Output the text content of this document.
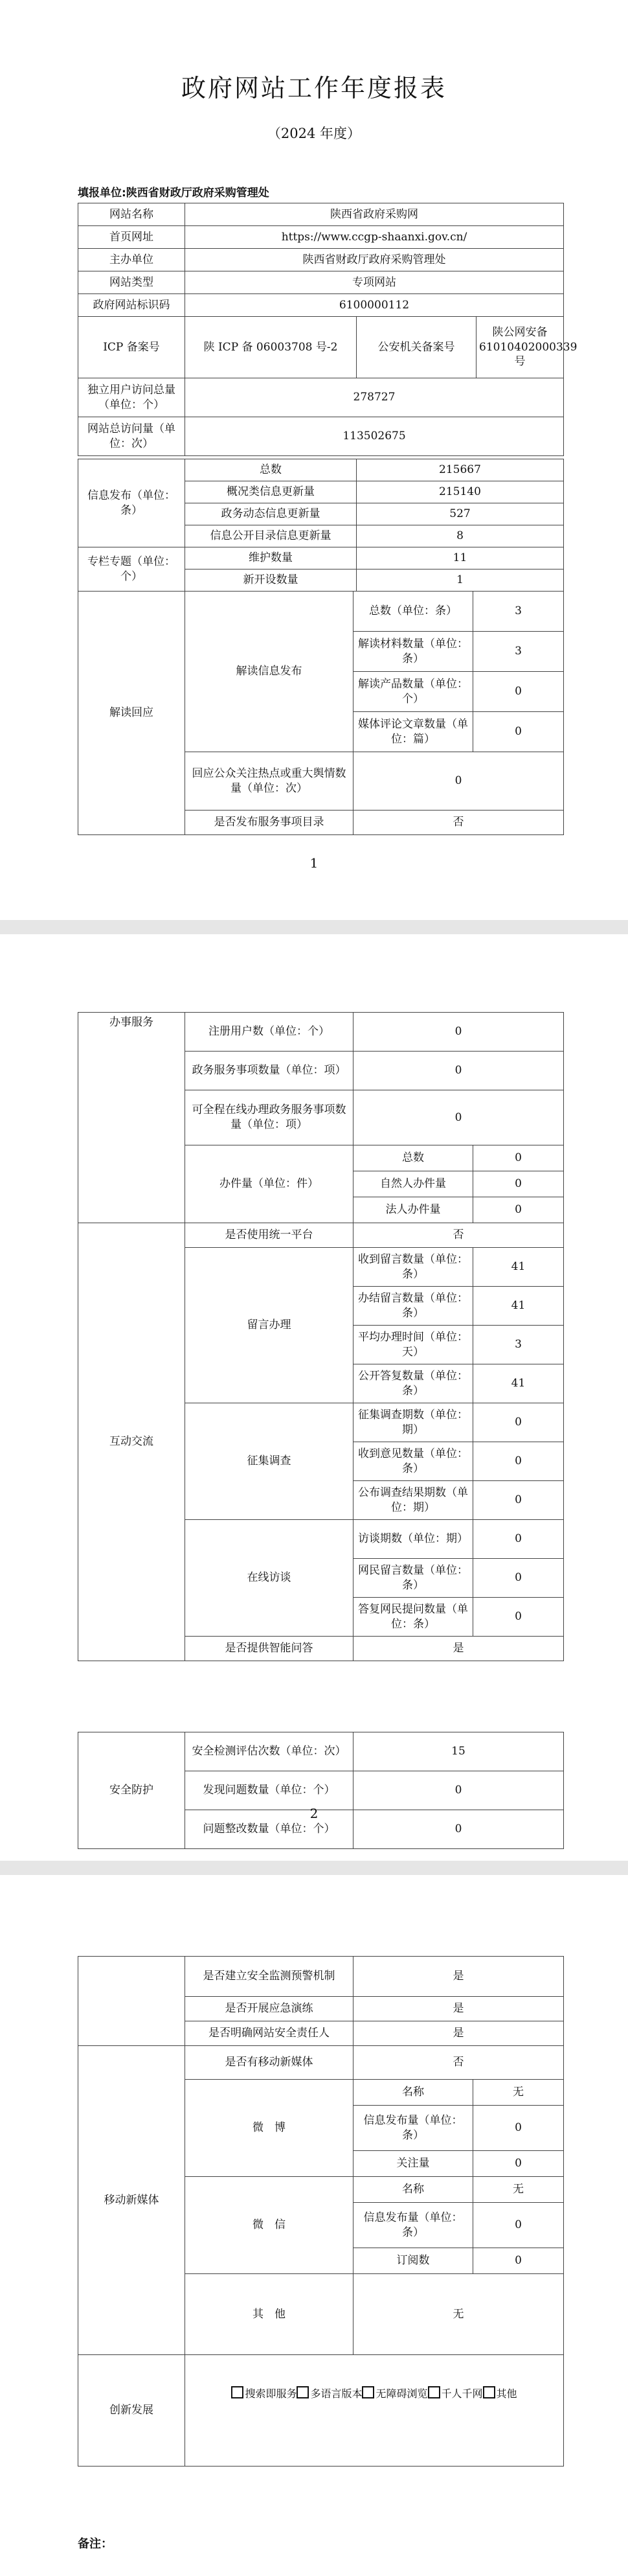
政府网站工作年度报表
（2024 年度）
填报单位:陕西省财政厅政府采购管理处
网站名称	陕西省政府采购网		
首页网址	https://www.ccgp-shaanxi.gov.cn/		
主办单位	陕西省财政厅政府采购管理处		
网站类型	专项网站		
政府网站标识码	6100000112		
ICP 备案号	陕 ICP 备 06003708 号-2	公安机关备案号	陕公网安备61010402000339 号
独立用户访问总量（单位：个）	278727		
网站总访问量（单位：次）	113502675		
信息发布（单位：条）	总数	215667
	概况类信息更新量	215140
	政务动态信息更新量	527
	信息公开目录信息更新量	8
专栏专题（单位：个）	维护数量	11
	新开设数量	1
解读回应	解读信息发布	总数（单位：条）	3
		解读材料数量（单位：条）	3
		解读产品数量（单位：个）	0
		媒体评论文章数量（单位：篇）	0
	回应公众关注热点或重大舆情数量（单位：次）	0	
	是否发布服务事项目录	否	
1
办事服务	注册用户数（单位：个）	0	
	政务服务事项数量（单位：项）	0	
	可全程在线办理政务服务事项数量（单位：项）	0	
	办件量（单位：件）	总数	0
		自然人办件量	0
		法人办件量	0
互动交流	是否使用统一平台	否	
	留言办理	收到留言数量（单位：条）	41
		办结留言数量（单位：条）	41
		平均办理时间（单位：天）	3
		公开答复数量（单位：条）	41
	征集调查	征集调查期数（单位：期）	0
		收到意见数量（单位：条）	0
		公布调查结果期数（单位：期）	0
	在线访谈	访谈期数（单位：期）	0
		网民留言数量（单位：条）	0
		答复网民提问数量（单位：条）	0
	是否提供智能问答	是	
安全防护	安全检测评估次数（单位：次）	15
	发现问题数量（单位：个）	0
	问题整改数量（单位：个）	0
2
	是否建立安全监测预警机制	是
	是否开展应急演练	是
	是否明确网站安全责任人	是
移动新媒体	是否有移动新媒体	否	
	微　博	名称	无
		信息发布量（单位：条）	0
		关注量	0
	微　信	名称	无
		信息发布量（单位：条）	0
		订阅数	0
	其　他	无	
创新发展	搜索即服务 多语言版本 无障碍浏览 千人千网 其他
备注：
